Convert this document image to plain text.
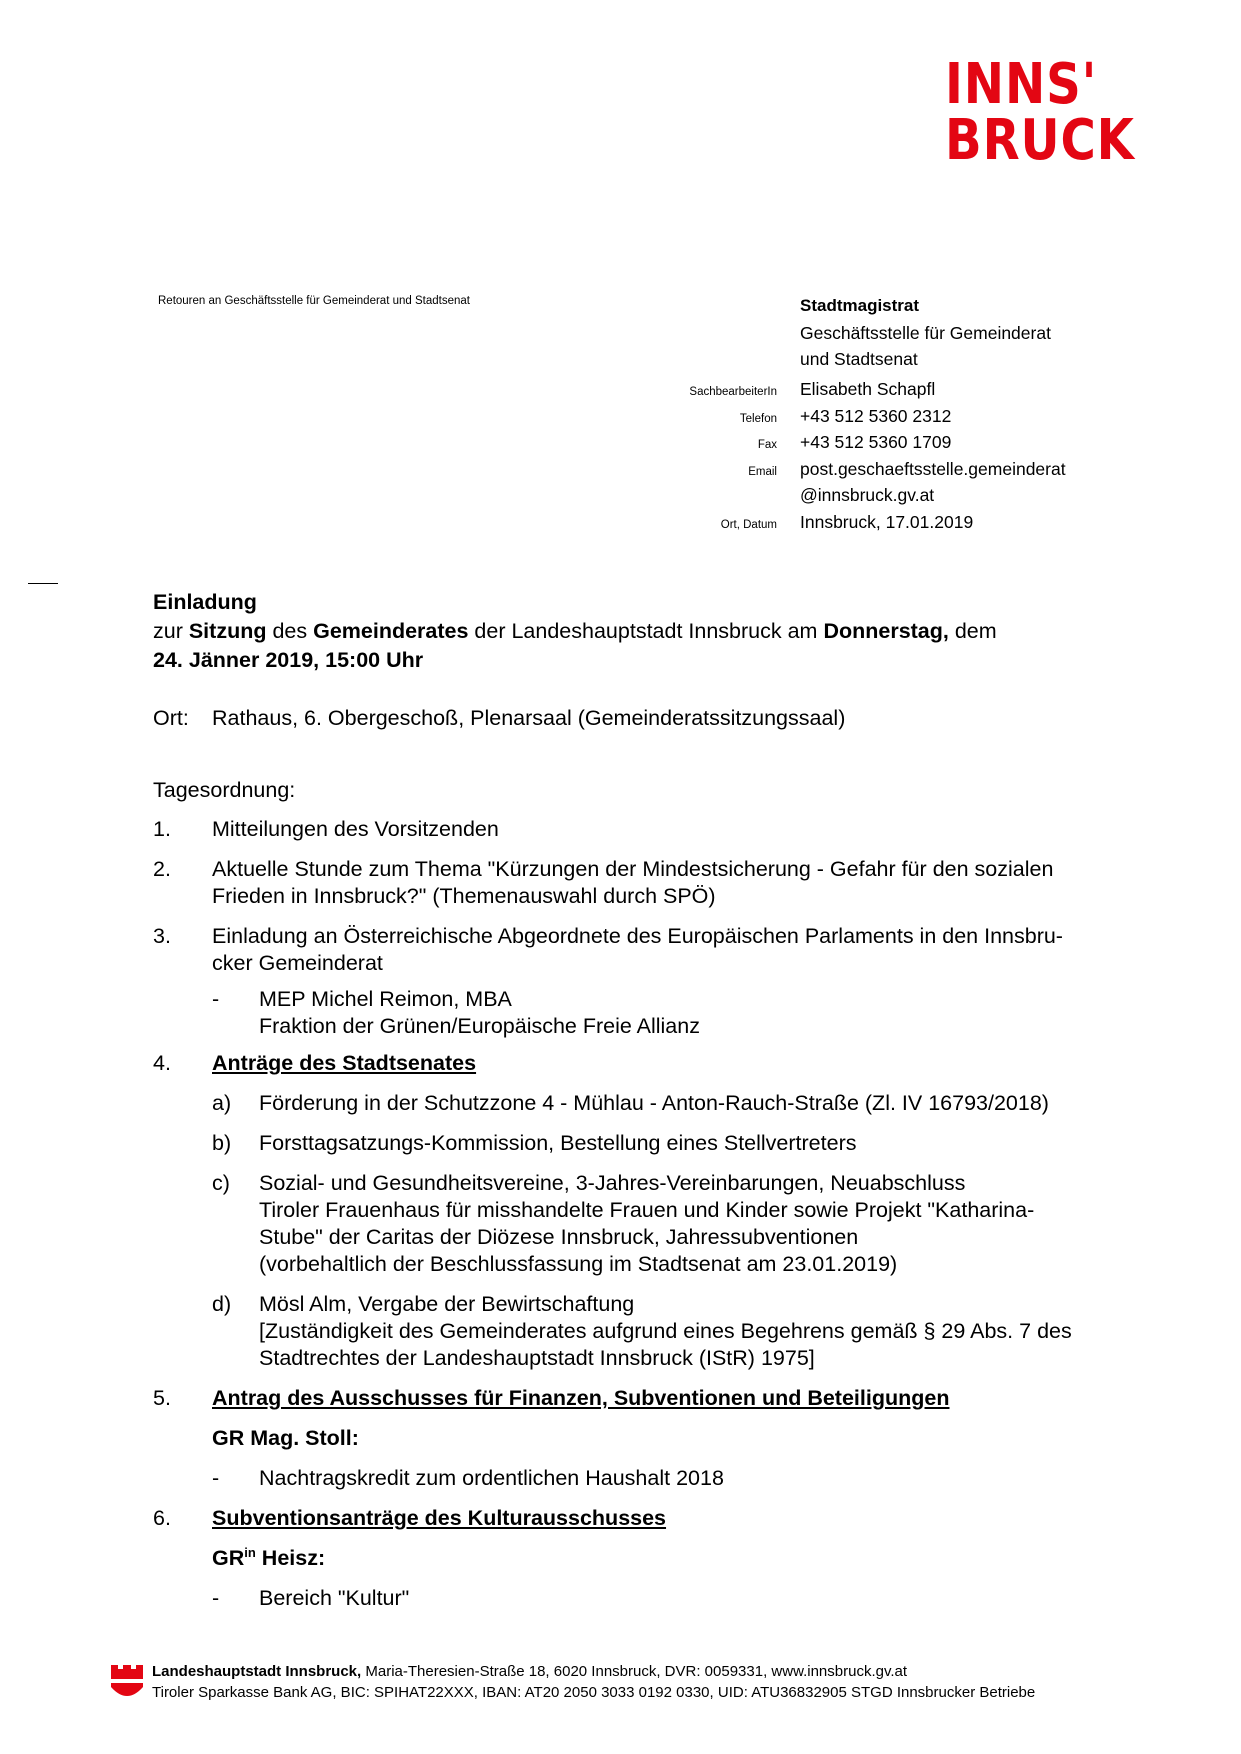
INNS'
BRUCK
Retouren an Geschäftsstelle für Gemeinderat und Stadtsenat	Stadtmagistrat
Geschäftsstelle für Gemeinderat
und Stadtsenat
SachbearbeiterIn	Elisabeth Schapfl
Telefon	+43 512 5360 2312
Fax	+43 512 5360 1709
Email	post.geschaeftsstelle.gemeinderat
@innsbruck.gv.at
Ort, Datum	Innsbruck, 17.01.2019
Einladung
zur Sitzung des Gemeinderates der Landeshauptstadt Innsbruck am Donnerstag, dem
24. Jänner 2019, 15:00 Uhr
Ort: Rathaus, 6. Obergeschoß, Plenarsaal (Gemeinderatssitzungssaal)
Tagesordnung:
1.	Mitteilungen des Vorsitzenden
2.	Aktuelle Stunde zum Thema "Kürzungen der Mindestsicherung - Gefahr für den sozialen
Frieden in Innsbruck?" (Themenauswahl durch SPÖ)
3.	Einladung an Österreichische Abgeordnete des Europäischen Parlaments in den Innsbru-
cker Gemeinderat
-	MEP Michel Reimon, MBA
Fraktion der Grünen/Europäische Freie Allianz
4.	Anträge des Stadtsenates
a)	Förderung in der Schutzzone 4 - Mühlau - Anton-Rauch-Straße (Zl. IV 16793/2018)
b)	Forsttagsatzungs-Kommission, Bestellung eines Stellvertreters
c)	Sozial- und Gesundheitsvereine, 3-Jahres-Vereinbarungen, Neuabschluss
Tiroler Frauenhaus für misshandelte Frauen und Kinder sowie Projekt "Katharina-
Stube" der Caritas der Diözese Innsbruck, Jahressubventionen
(vorbehaltlich der Beschlussfassung im Stadtsenat am 23.01.2019)
d)	Mösl Alm, Vergabe der Bewirtschaftung
[Zuständigkeit des Gemeinderates aufgrund eines Begehrens gemäß § 29 Abs. 7 des
Stadtrechtes der Landeshauptstadt Innsbruck (IStR) 1975]
5.	Antrag des Ausschusses für Finanzen, Subventionen und Beteiligungen
GR Mag. Stoll:
-	Nachtragskredit zum ordentlichen Haushalt 2018
6.	Subventionsanträge des Kulturausschusses
$GR^{in}$ Heisz:
-	Bereich "Kultur"
Landeshauptstadt Innsbruck, Maria-Theresien-Straße 18, 6020 Innsbruck, DVR: 0059331, www.innsbruck.gv.at
Tiroler Sparkasse Bank AG, BIC: SPIHAT22XXX, IBAN: AT20 2050 3033 0192 0330, UID: ATU36832905 STGD Innsbrucker Betriebe
